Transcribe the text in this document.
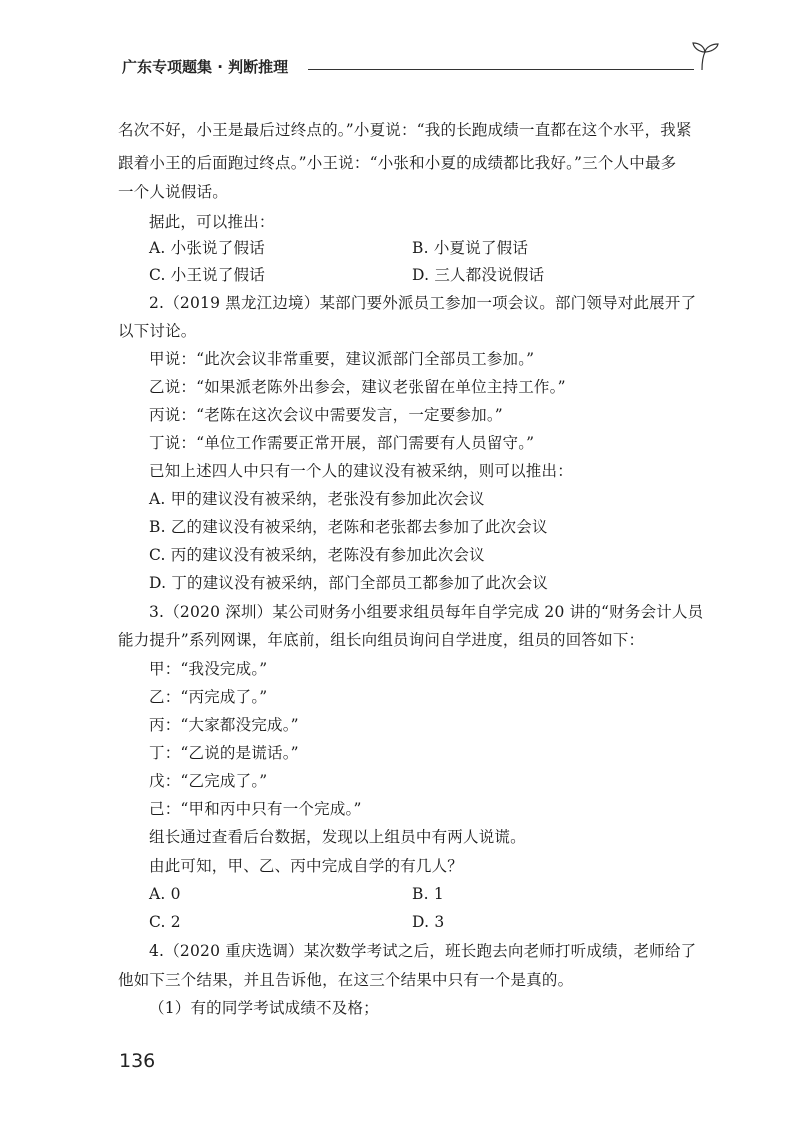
广东专项题集 · 判断推理
名次不好，小王是最后过终点的。”小夏说：“我的长跑成绩一直都在这个水平，我紧
跟着小王的后面跑过终点。”小王说：“小张和小夏的成绩都比我好。”三个人中最多
一个人说假话。
据此，可以推出：
A. 小张说了假话	B. 小夏说了假话
C. 小王说了假话	D. 三人都没说假话
2.（2019 黑龙江边境）某部门要外派员工参加一项会议。部门领导对此展开了
以下讨论。
甲说：“此次会议非常重要，建议派部门全部员工参加。”
乙说：“如果派老陈外出参会，建议老张留在单位主持工作。”
丙说：“老陈在这次会议中需要发言，一定要参加。”
丁说：“单位工作需要正常开展，部门需要有人员留守。”
已知上述四人中只有一个人的建议没有被采纳，则可以推出：
A. 甲的建议没有被采纳，老张没有参加此次会议
B. 乙的建议没有被采纳，老陈和老张都去参加了此次会议
C. 丙的建议没有被采纳，老陈没有参加此次会议
D. 丁的建议没有被采纳，部门全部员工都参加了此次会议
3.（2020 深圳）某公司财务小组要求组员每年自学完成 20 讲的“财务会计人员
能力提升”系列网课，年底前，组长向组员询问自学进度，组员的回答如下：
甲：“我没完成。”
乙：“丙完成了。”
丙：“大家都没完成。”
丁：“乙说的是谎话。”
戊：“乙完成了。”
己：“甲和丙中只有一个完成。”
组长通过查看后台数据，发现以上组员中有两人说谎。
由此可知，甲、乙、丙中完成自学的有几人？
A. 0	B. 1
C. 2	D. 3
4.（2020 重庆选调）某次数学考试之后，班长跑去向老师打听成绩，老师给了
他如下三个结果，并且告诉他，在这三个结果中只有一个是真的。
（1）有的同学考试成绩不及格；
136
